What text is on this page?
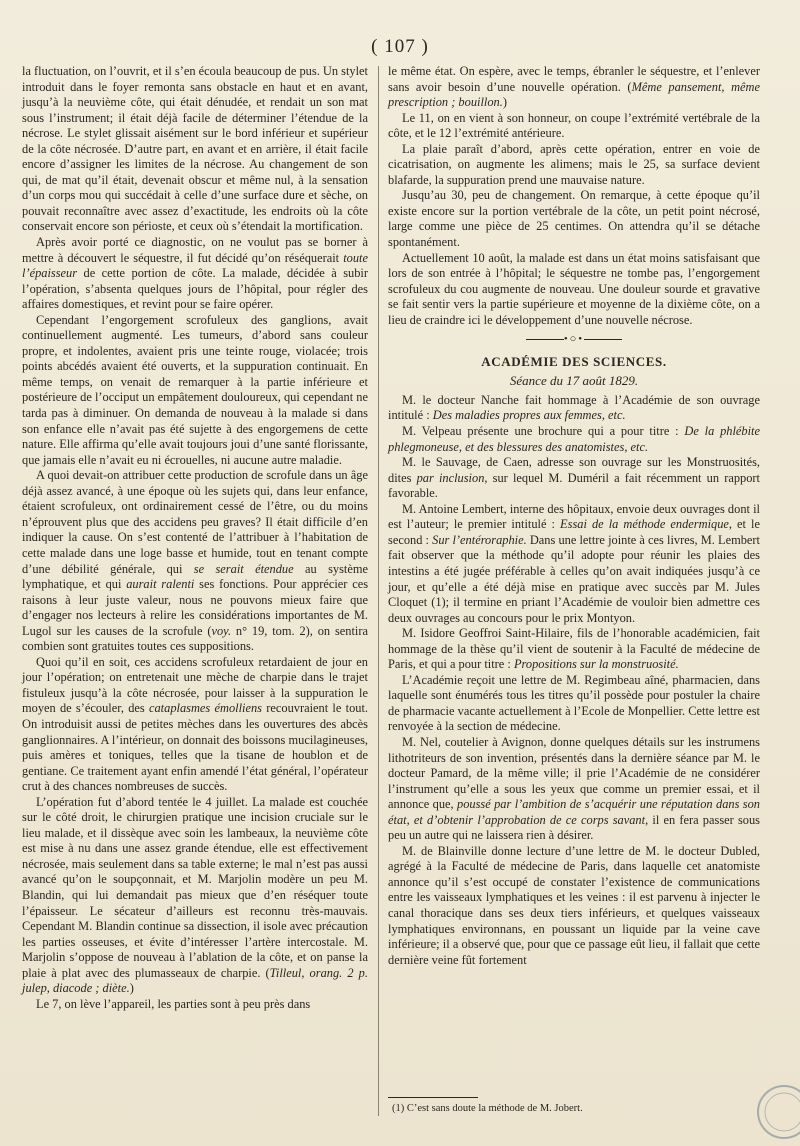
( 107 )

la fluctuation, on l’ouvrit, et il s’en écoula beaucoup de pus. Un stylet introduit dans le foyer remonta sans obstacle en haut et en avant, jusqu’à la neuvième côte, qui était dénudée, et rendait un son mat sous l’instrument; il était déjà facile de déterminer l’étendue de la nécrose. Le stylet glissait aisément sur le bord inférieur et supérieur de la côte nécrosée. D’autre part, en avant et en arrière, il était facile encore d’assigner les limites de la nécrose. Au changement de son qui, de mat qu’il était, devenait obscur et même nul, à la sensation d’un corps mou qui succédait à celle d’une surface dure et sèche, on pouvait reconnaître avec assez d’exactitude, les endroits où la côte conservait encore son périoste, et ceux où s’étendait la mortification.

Après avoir porté ce diagnostic, on ne voulut pas se borner à mettre à découvert le séquestre, il fut décidé qu’on réséquerait toute l’épaisseur de cette portion de côte. La malade, décidée à subir l’opération, s’absenta quelques jours de l’hôpital, pour régler des affaires domestiques, et revint pour se faire opérer.

Cependant l’engorgement scrofuleux des ganglions, avait continuellement augmenté. Les tumeurs, d’abord sans couleur propre, et indolentes, avaient pris une teinte rouge, violacée; trois points abcédés avaient été ouverts, et la suppuration continuait. En même temps, on venait de remarquer à la partie inférieure et postérieure de l’occiput un empâtement douloureux, qui cependant ne tarda pas à diminuer. On demanda de nouveau à la malade si dans son enfance elle n’avait pas été sujette à des engorgemens de cette nature. Elle affirma qu’elle avait toujours joui d’une santé florissante, que jamais elle n’avait eu ni écrouelles, ni aucune autre maladie.

A quoi devait-on attribuer cette production de scrofule dans un âge déjà assez avancé, à une époque où les sujets qui, dans leur enfance, étaient scrofuleux, ont ordinairement cessé de l’être, ou du moins n’éprouvent plus que des accidens peu graves? Il était difficile d’en indiquer la cause. On s’est contenté de l’attribuer à l’habitation de cette malade dans une loge basse et humide, tout en tenant compte d’une débilité générale, qui se serait étendue au système lymphatique, et qui aurait ralenti ses fonctions. Pour apprécier ces raisons à leur juste valeur, nous ne pouvons mieux faire que d’engager nos lecteurs à relire les considérations importantes de M. Lugol sur les causes de la scrofule (voy. n° 19, tom. 2), on sentira combien sont gratuites toutes ces suppositions.

Quoi qu’il en soit, ces accidens scrofuleux retardaient de jour en jour l’opération; on entretenait une mèche de charpie dans le trajet fistuleux jusqu’à la côte nécrosée, pour laisser à la suppuration le moyen de s’écouler, des cataplasmes émolliens recouvraient le tout. On introduisit aussi de petites mèches dans les ouvertures des abcès ganglionnaires. A l’intérieur, on donnait des boissons mucilagineuses, puis amères et toniques, telles que la tisane de houblon et de gentiane. Ce traitement ayant enfin amendé l’état général, l’opérateur crut à des chances nombreuses de succès.

L’opération fut d’abord tentée le 4 juillet. La malade est couchée sur le côté droit, le chirurgien pratique une incision cruciale sur le lieu malade, et il dissèque avec soin les lambeaux, la neuvième côte est mise à nu dans une assez grande étendue, elle est effectivement nécrosée, mais seulement dans sa table externe; le mal n’est pas aussi avancé qu’on le soupçonnait, et M. Marjolin modère un peu M. Blandin, qui lui demandait pas mieux que d’en réséquer toute l’épaisseur. Le sécateur d’ailleurs est reconnu très-mauvais. Cependant M. Blandin continue sa dissection, il isole avec précaution les parties osseuses, et évite d’intéresser l’artère intercostale. M. Marjolin s’oppose de nouveau à l’ablation de la côte, et on panse la plaie à plat avec des plumasseaux de charpie. (Tilleul, orang. 2 p. julep, diacode ; diète.)

Le 7, on lève l’appareil, les parties sont à peu près dans

le même état. On espère, avec le temps, ébranler le séquestre, et l’enlever sans avoir besoin d’une nouvelle opération. (Même pansement, même prescription ; bouillon.)

Le 11, on en vient à son honneur, on coupe l’extrémité vertébrale de la côte, et le 12 l’extrémité antérieure.

La plaie paraît d’abord, après cette opération, entrer en voie de cicatrisation, on augmente les alimens; mais le 25, sa surface devient blafarde, la suppuration prend une mauvaise nature.

Jusqu’au 30, peu de changement. On remarque, à cette époque qu’il existe encore sur la portion vertébrale de la côte, un petit point nécrosé, large comme une pièce de 25 centimes. On attendra qu’il se détache spontanément.

Actuellement 10 août, la malade est dans un état moins satisfaisant que lors de son entrée à l’hôpital; le séquestre ne tombe pas, l’engorgement scrofuleux du cou augmente de nouveau. Une douleur sourde et gravative se fait sentir vers la partie supérieure et moyenne de la dixième côte, on a lieu de craindre ici le développement d’une nouvelle nécrose.

•○•
ACADÉMIE DES SCIENCES.
Séance du 17 août 1829.

M. le docteur Nanche fait hommage à l’Académie de son ouvrage intitulé : Des maladies propres aux femmes, etc.

M. Velpeau présente une brochure qui a pour titre : De la phlébite phlegmoneuse, et des blessures des anatomistes, etc.

M. le Sauvage, de Caen, adresse son ouvrage sur les Monstruosités, dites par inclusion, sur lequel M. Duméril a fait récemment un rapport favorable.

M. Antoine Lembert, interne des hôpitaux, envoie deux ouvrages dont il est l’auteur; le premier intitulé : Essai de la méthode endermique, et le second : Sur l’entéroraphie. Dans une lettre jointe à ces livres, M. Lembert fait observer que la méthode qu’il adopte pour réunir les plaies des intestins a été jugée préférable à celles qu’on avait indiquées jusqu’à ce jour, et qu’elle a été déjà mise en pratique avec succès par M. Jules Cloquet (1); il termine en priant l’Académie de vouloir bien admettre ces deux ouvrages au concours pour le prix Montyon.

M. Isidore Geoffroi Saint-Hilaire, fils de l’honorable académicien, fait hommage de la thèse qu’il vient de soutenir à la Faculté de médecine de Paris, et qui a pour titre : Propositions sur la monstruosité.

L’Académie reçoit une lettre de M. Regimbeau aîné, pharmacien, dans laquelle sont énumérés tous les titres qu’il possède pour postuler la chaire de pharmacie vacante actuellement à l’Ecole de Monpellier. Cette lettre est renvoyée à la section de médecine.

M. Nel, coutelier à Avignon, donne quelques détails sur les instrumens lithotriteurs de son invention, présentés dans la dernière séance par M. le docteur Pamard, de la même ville; il prie l’Académie de ne considérer l’instrument qu’elle a sous les yeux que comme un premier essai, et il annonce que, poussé par l’ambition de s’acquérir une réputation dans son état, et d’obtenir l’approbation de ce corps savant, il en fera passer sous peu un autre qui ne laissera rien à désirer.

M. de Blainville donne lecture d’une lettre de M. le docteur Dubled, agrégé à la Faculté de médecine de Paris, dans laquelle cet anatomiste annonce qu’il s’est occupé de constater l’existence de communications entre les vaisseaux lymphatiques et les veines : il est parvenu à injecter le canal thoracique dans ses deux tiers inférieurs, et quelques vaisseaux lymphatiques environnans, en poussant un liquide par la veine cave inférieure; il a observé que, pour que ce passage eût lieu, il fallait que cette dernière veine fût fortement

(1) C’est sans doute la méthode de M. Jobert.
